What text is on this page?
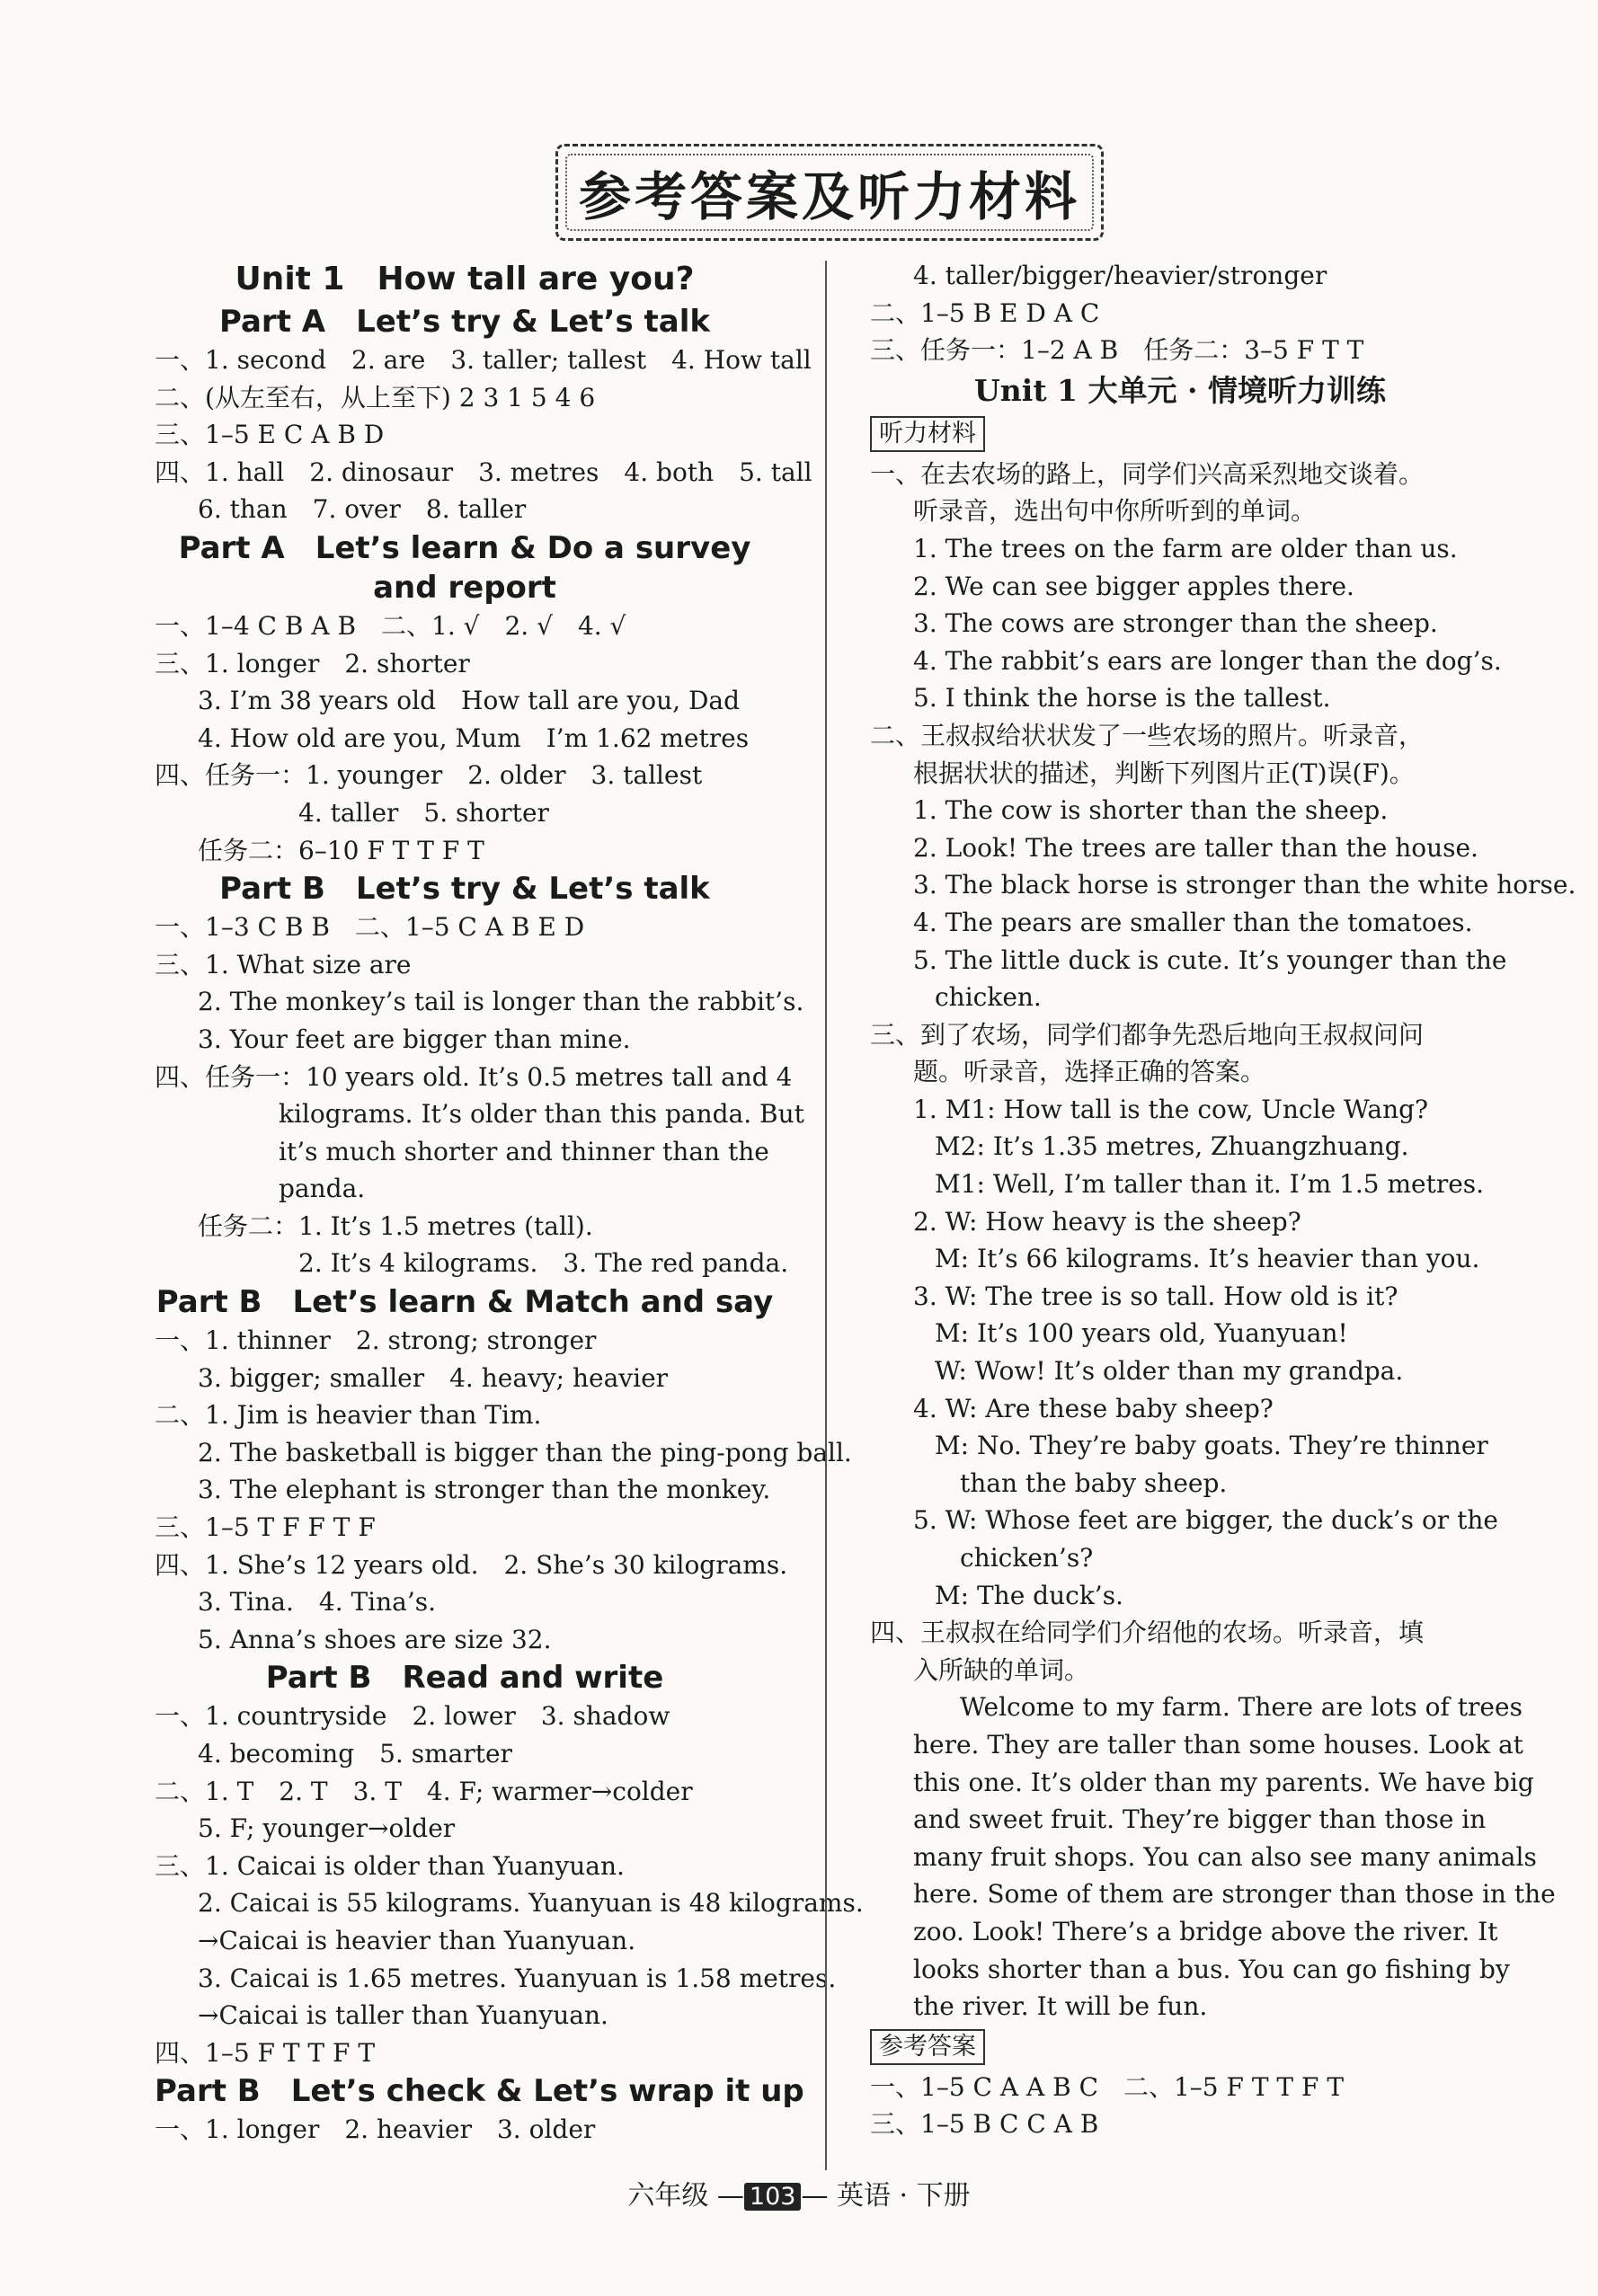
参考答案及听力材料
Unit 1　How tall are you?
Part A　Let’s try & Let’s talk
一、1. second　2. are　3. taller; tallest　4. How tall
二、(从左至右，从上至下) 2 3 1 5 4 6
三、1–5 E C A B D
四、1. hall　2. dinosaur　3. metres　4. both　5. tall
6. than　7. over　8. taller
Part A　Let’s learn & Do a survey
and report
一、1–4 C B A B　二、1. √　2. √　4. √
三、1. longer　2. shorter
3. I’m 38 years old　How tall are you, Dad
4. How old are you, Mum　I’m 1.62 metres
四、任务一：1. younger　2. older　3. tallest
4. taller　5. shorter
任务二：6–10 F T T F T
Part B　Let’s try & Let’s talk
一、1–3 C B B　二、1–5 C A B E D
三、1. What size are
2. The monkey’s tail is longer than the rabbit’s.
3. Your feet are bigger than mine.
四、任务一：10 years old. It’s 0.5 metres tall and 4
kilograms. It’s older than this panda. But
it’s much shorter and thinner than the
panda.
任务二：1. It’s 1.5 metres (tall).
2. It’s 4 kilograms.　3. The red panda.
Part B　Let’s learn & Match and say
一、1. thinner　2. strong; stronger
3. bigger; smaller　4. heavy; heavier
二、1. Jim is heavier than Tim.
2. The basketball is bigger than the ping-pong ball.
3. The elephant is stronger than the monkey.
三、1–5 T F F T F
四、1. She’s 12 years old.　2. She’s 30 kilograms.
3. Tina.　4. Tina’s.
5. Anna’s shoes are size 32.
Part B　Read and write
一、1. countryside　2. lower　3. shadow
4. becoming　5. smarter
二、1. T　2. T　3. T　4. F; warmer→colder
5. F; younger→older
三、1. Caicai is older than Yuanyuan.
2. Caicai is 55 kilograms. Yuanyuan is 48 kilograms.
→Caicai is heavier than Yuanyuan.
3. Caicai is 1.65 metres. Yuanyuan is 1.58 metres.
→Caicai is taller than Yuanyuan.
四、1–5 F T T F T
Part B　Let’s check & Let’s wrap it up
一、1. longer　2. heavier　3. older
4. taller/bigger/heavier/stronger
二、1–5 B E D A C
三、任务一：1–2 A B　任务二：3–5 F T T
Unit 1 大单元 · 情境听力训练
听力材料
一、在去农场的路上，同学们兴高采烈地交谈着。
听录音，选出句中你所听到的单词。
1. The trees on the farm are older than us.
2. We can see bigger apples there.
3. The cows are stronger than the sheep.
4. The rabbit’s ears are longer than the dog’s.
5. I think the horse is the tallest.
二、王叔叔给状状发了一些农场的照片。听录音，
根据状状的描述，判断下列图片正(T)误(F)。
1. The cow is shorter than the sheep.
2. Look! The trees are taller than the house.
3. The black horse is stronger than the white horse.
4. The pears are smaller than the tomatoes.
5. The little duck is cute. It’s younger than the
chicken.
三、到了农场，同学们都争先恐后地向王叔叔问问
题。听录音，选择正确的答案。
1. M1: How tall is the cow, Uncle Wang?
M2: It’s 1.35 metres, Zhuangzhuang.
M1: Well, I’m taller than it. I’m 1.5 metres.
2. W: How heavy is the sheep?
M: It’s 66 kilograms. It’s heavier than you.
3. W: The tree is so tall. How old is it?
M: It’s 100 years old, Yuanyuan!
W: Wow! It’s older than my grandpa.
4. W: Are these baby sheep?
M: No. They’re baby goats. They’re thinner
than the baby sheep.
5. W: Whose feet are bigger, the duck’s or the
chicken’s?
M: The duck’s.
四、王叔叔在给同学们介绍他的农场。听录音，填
入所缺的单词。
Welcome to my farm. There are lots of trees
here. They are taller than some houses. Look at
this one. It’s older than my parents. We have big
and sweet fruit. They’re bigger than those in
many fruit shops. You can also see many animals
here. Some of them are stronger than those in the
zoo. Look! There’s a bridge above the river. It
looks shorter than a bus. You can go fishing by
the river. It will be fun.
参考答案
一、1–5 C A A B C　二、1–5 F T T F T
三、1–5 B C C A B
六年级 — 103 — 英语 · 下册
